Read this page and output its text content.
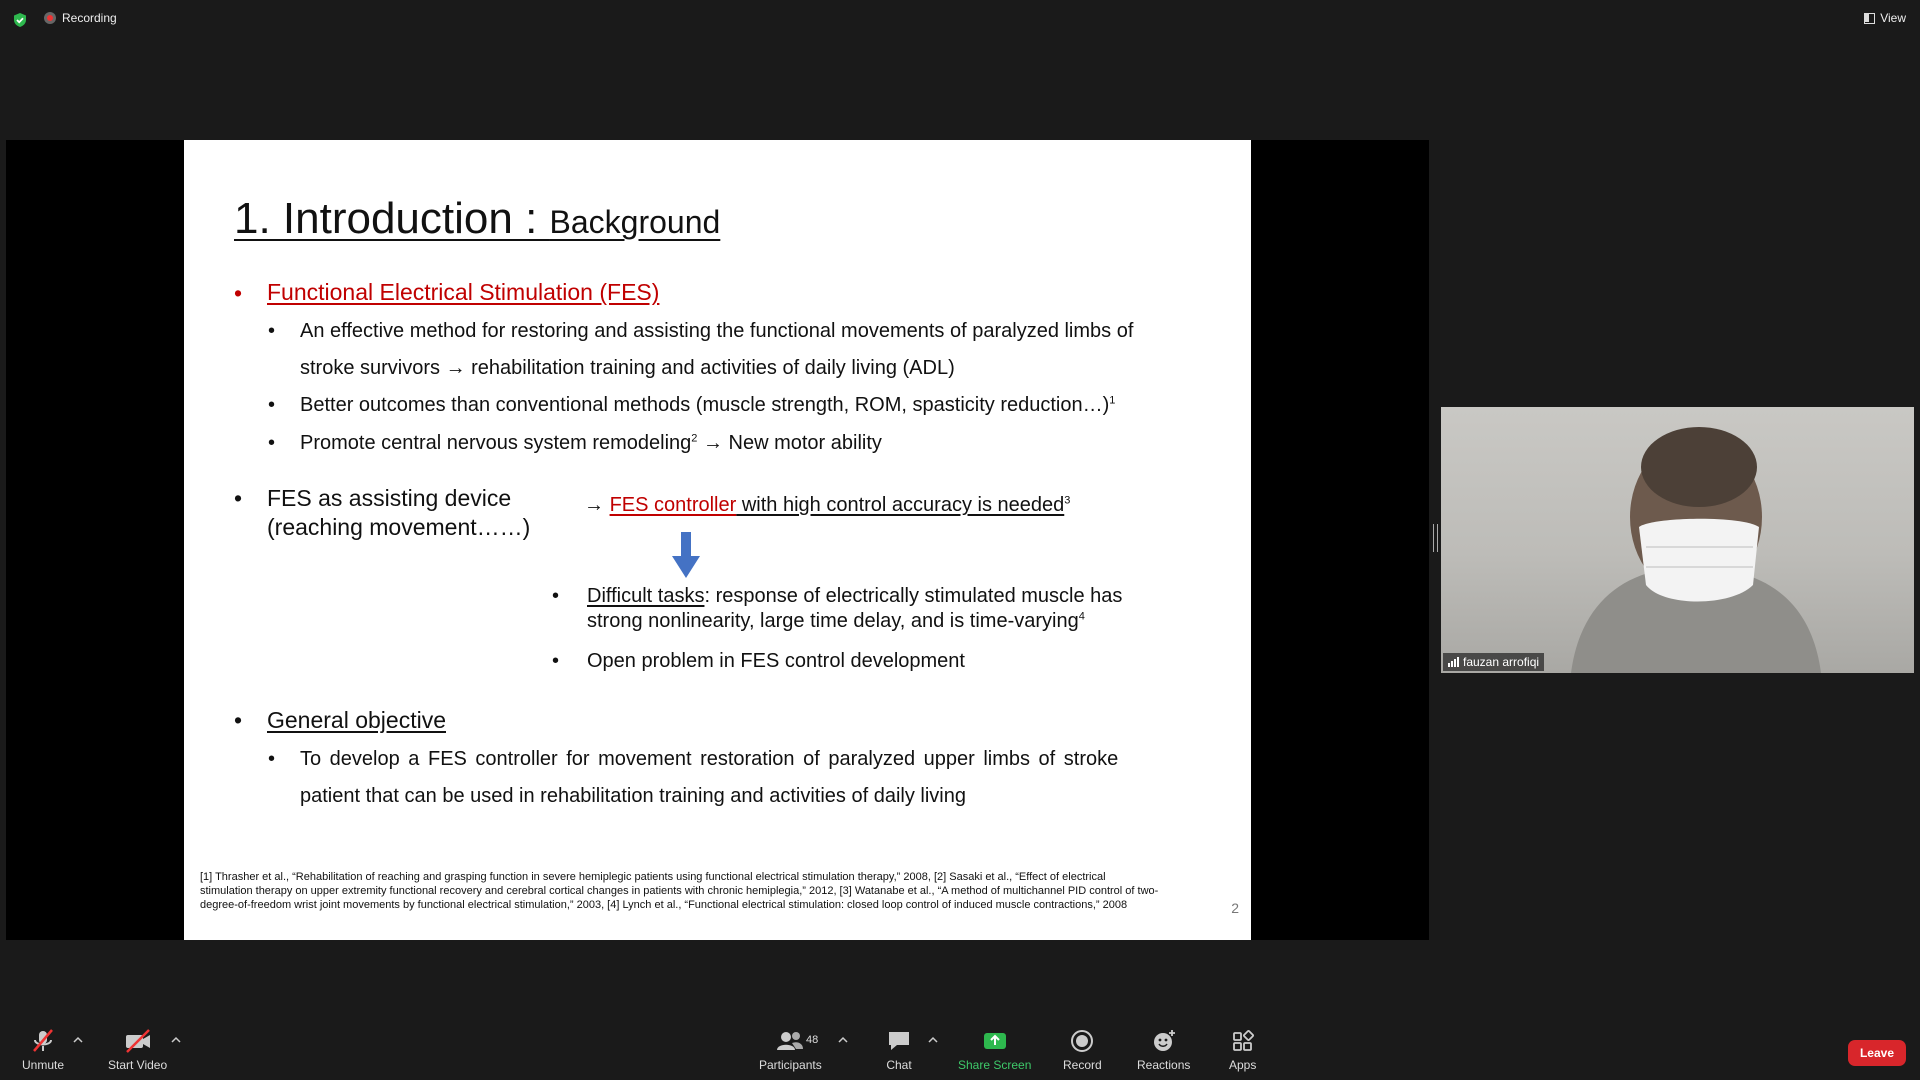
Recording	View
1. Introduction : Background
• Functional Electrical Stimulation (FES)
• An effective method for restoring and assisting the functional movements of paralyzed limbs of
stroke survivors → rehabilitation training and activities of daily living (ADL)
• Better outcomes than conventional methods (muscle strength, ROM, spasticity reduction…)$^1$
• Promote central nervous system remodeling$^2$ → New motor ability
• FES as assisting device
(reaching movement……)
→ FES controller with high control accuracy is needed$^3$
• Difficult tasks: response of electrically stimulated muscle has
strong nonlinearity, large time delay, and is time-varying$^4$
• Open problem in FES control development
• General objective
• To develop a FES controller for movement restoration of paralyzed upper limbs of stroke
patient that can be used in rehabilitation training and activities of daily living
[1] Thrasher et al., “Rehabilitation of reaching and grasping function in severe hemiplegic patients using functional electrical stimulation therapy,” 2008, [2] Sasaki et al., “Effect of electrical stimulation therapy on upper extremity functional recovery and cerebral cortical changes in patients with chronic hemiplegia,” 2012, [3] Watanabe et al., “A method of multichannel PID control of two-degree-of-freedom wrist joint movements by functional electrical stimulation,” 2003, [4] Lynch et al., “Functional electrical stimulation: closed loop control of induced muscle contractions,” 2008	2
fauzan arrofiqi
Unmute	Start Video	Participants
48
Chat	Share Screen	Record	Reactions	Apps
Leave
